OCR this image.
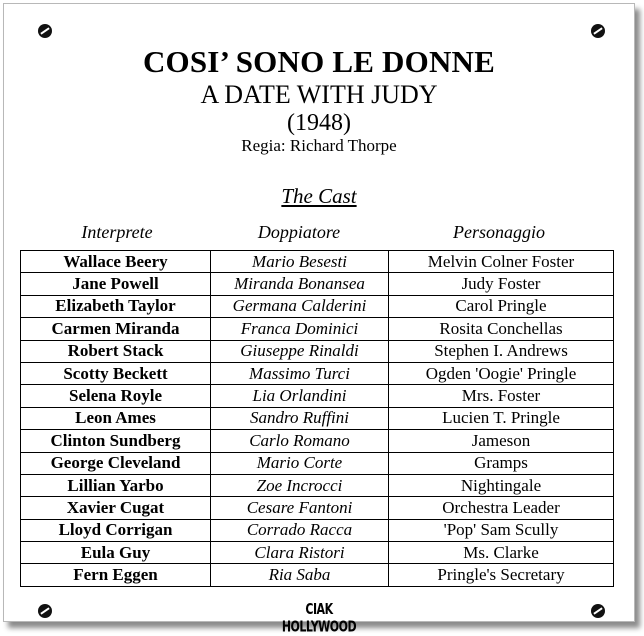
COSI’ SONO LE DONNE
A DATE WITH JUDY
(1948)
Regia: Richard Thorpe
The Cast
Interprete	Doppiatore	Personaggio
Wallace Beery	Mario Besesti	Melvin Colner Foster
Jane Powell	Miranda Bonansea	Judy Foster
Elizabeth Taylor	Germana Calderini	Carol Pringle
Carmen Miranda	Franca Dominici	Rosita Conchellas
Robert Stack	Giuseppe Rinaldi	Stephen I. Andrews
Scotty Beckett	Massimo Turci	Ogden 'Oogie' Pringle
Selena Royle	Lia Orlandini	Mrs. Foster
Leon Ames	Sandro Ruffini	Lucien T. Pringle
Clinton Sundberg	Carlo Romano	Jameson
George Cleveland	Mario Corte	Gramps
Lillian Yarbo	Zoe Incrocci	Nightingale
Xavier Cugat	Cesare Fantoni	Orchestra Leader
Lloyd Corrigan	Corrado Racca	'Pop' Sam Scully
Eula Guy	Clara Ristori	Ms. Clarke
Fern Eggen	Ria Saba	Pringle's Secretary
CIAK HOLLYWOOD
